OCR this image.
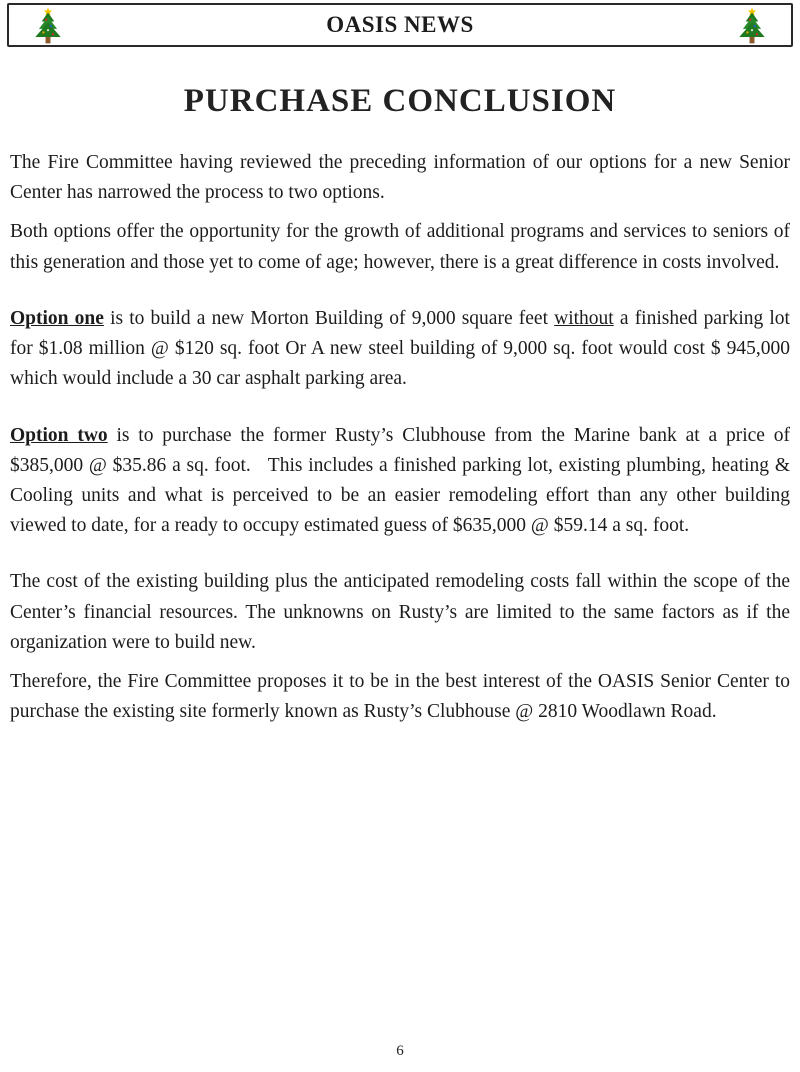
OASIS NEWS
PURCHASE CONCLUSION

The Fire Committee having reviewed the preceding information of our options for a new Senior Center has narrowed the process to two options.

Both options offer the opportunity for the growth of additional programs and services to seniors of this generation and those yet to come of age; however, there is a great difference in costs involved.

Option one is to build a new Morton Building of 9,000 square feet without a finished parking lot for $1.08 million @ $120 sq. foot Or A new steel building of 9,000 sq. foot would cost $ 945,000 which would include a 30 car asphalt parking area.

Option two is to purchase the former Rusty’s Clubhouse from the Marine bank at a price of $385,000 @ $35.86 a sq. foot.   This includes a finished parking lot, existing plumbing, heating & Cooling units and what is perceived to be an easier remodeling effort than any other building viewed to date, for a ready to occupy estimated guess of $635,000 @ $59.14 a sq. foot.

The cost of the existing building plus the anticipated remodeling costs fall within the scope of the Center’s financial resources. The unknowns on Rusty’s are limited to the same factors as if the organization were to build new.

Therefore, the Fire Committee proposes it to be in the best interest of the OASIS Senior Center to purchase the existing site formerly known as Rusty’s Clubhouse @ 2810 Woodlawn Road.

6
